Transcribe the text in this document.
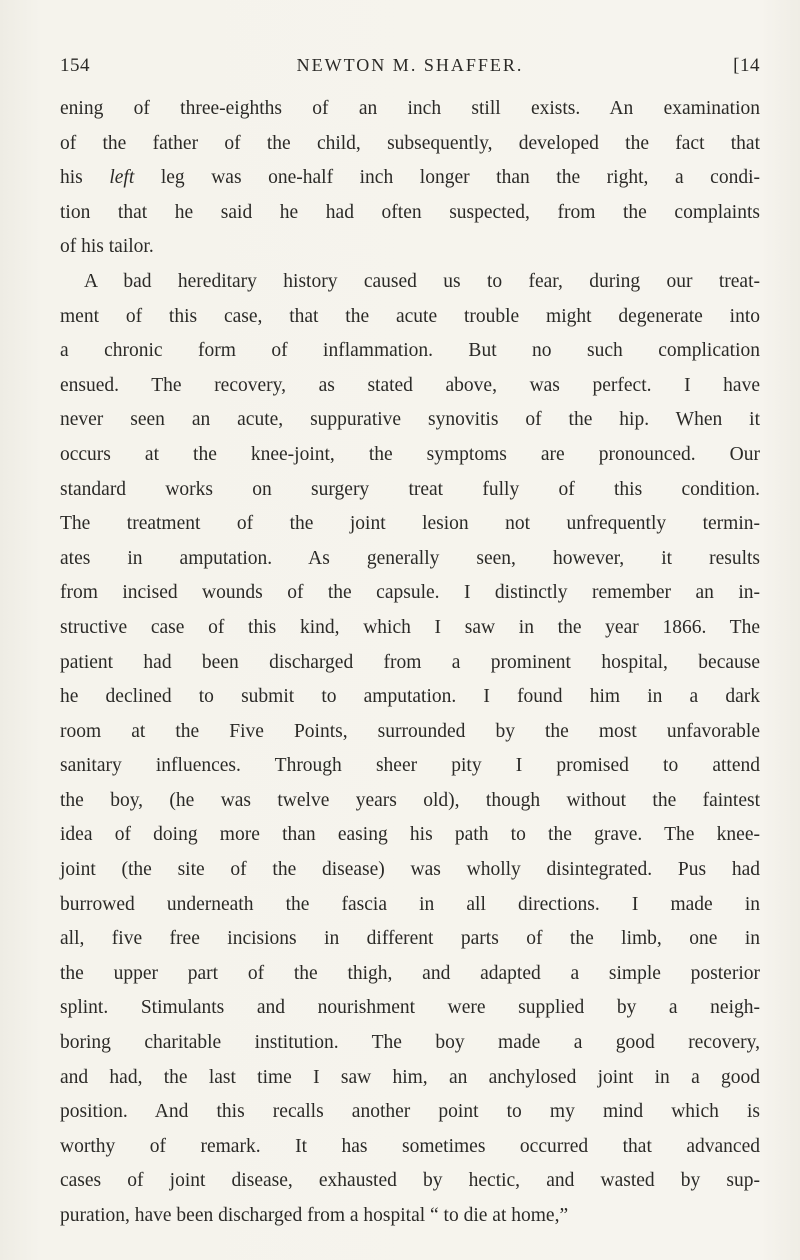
154	NEWTON M. SHAFFER.	[14
ening of three-eighths of an inch still exists. An examination
of the father of the child, subsequently, developed the fact that
his left leg was one-half inch longer than the right, a condi-
tion that he said he had often suspected, from the complaints
of his tailor.
A bad hereditary history caused us to fear, during our treat-
ment of this case, that the acute trouble might degenerate into
a chronic form of inflammation. But no such complication
ensued. The recovery, as stated above, was perfect. I have
never seen an acute, suppurative synovitis of the hip. When it
occurs at the knee-joint, the symptoms are pronounced. Our
standard works on surgery treat fully of this condition.
The treatment of the joint lesion not unfrequently termin-
ates in amputation. As generally seen, however, it results
from incised wounds of the capsule. I distinctly remember an in-
structive case of this kind, which I saw in the year 1866. The
patient had been discharged from a prominent hospital, because
he declined to submit to amputation. I found him in a dark
room at the Five Points, surrounded by the most unfavorable
sanitary influences. Through sheer pity I promised to attend
the boy, (he was twelve years old), though without the faintest
idea of doing more than easing his path to the grave. The knee-
joint (the site of the disease) was wholly disintegrated. Pus had
burrowed underneath the fascia in all directions. I made in
all, five free incisions in different parts of the limb, one in
the upper part of the thigh, and adapted a simple posterior
splint. Stimulants and nourishment were supplied by a neigh-
boring charitable institution. The boy made a good recovery,
and had, the last time I saw him, an anchylosed joint in a good
position. And this recalls another point to my mind which is
worthy of remark. It has sometimes occurred that advanced
cases of joint disease, exhausted by hectic, and wasted by sup-
puration, have been discharged from a hospital “ to die at home,”
